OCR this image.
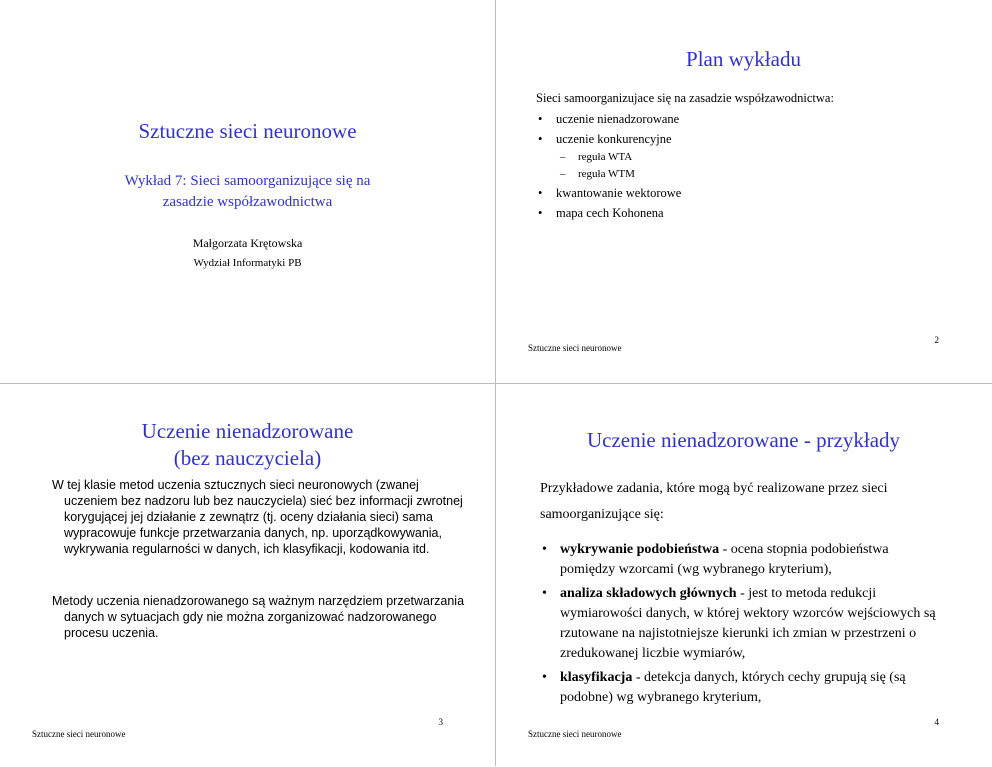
Sztuczne sieci neuronowe
Wykład 7: Sieci samoorganizujące się na
zasadzie współzawodnictwa
Małgorzata Krętowska
Wydział Informatyki PB
Plan wykładu
Sieci samoorganizujace się na zasadzie współzawodnictwa:
• uczenie nienadzorowane
• uczenie konkurencyjne
– reguła WTA
– reguła WTM
• kwantowanie wektorowe
• mapa cech Kohonena
Sztuczne sieci neuronowe
2
Uczenie nienadzorowane
(bez nauczyciela)
W tej klasie metod uczenia sztucznych sieci neuronowych (zwanej uczeniem bez nadzoru lub bez nauczyciela) sieć bez informacji zwrotnej korygującej jej działanie z zewnątrz (tj. oceny działania sieci) sama wypracowuje funkcje przetwarzania danych, np. uporządkowywania, wykrywania regularności w danych, ich klasyfikacji, kodowania itd.
Metody uczenia nienadzorowanego są ważnym narzędziem przetwarzania danych w sytuacjach gdy nie można zorganizować nadzorowanego procesu uczenia.
Sztuczne sieci neuronowe
3
Uczenie nienadzorowane - przykłady
Przykładowe zadania, które mogą być realizowane przez sieci samoorganizujące się:
• wykrywanie podobieństwa - ocena stopnia podobieństwa pomiędzy wzorcami (wg wybranego kryterium),
• analiza składowych głównych - jest to metoda redukcji wymiarowości danych, w której wektory wzorców wejściowych są rzutowane na najistotniejsze kierunki ich zmian w przestrzeni o zredukowanej liczbie wymiarów,
• klasyfikacja - detekcja danych, których cechy grupują się (są podobne) wg wybranego kryterium,
Sztuczne sieci neuronowe
4
